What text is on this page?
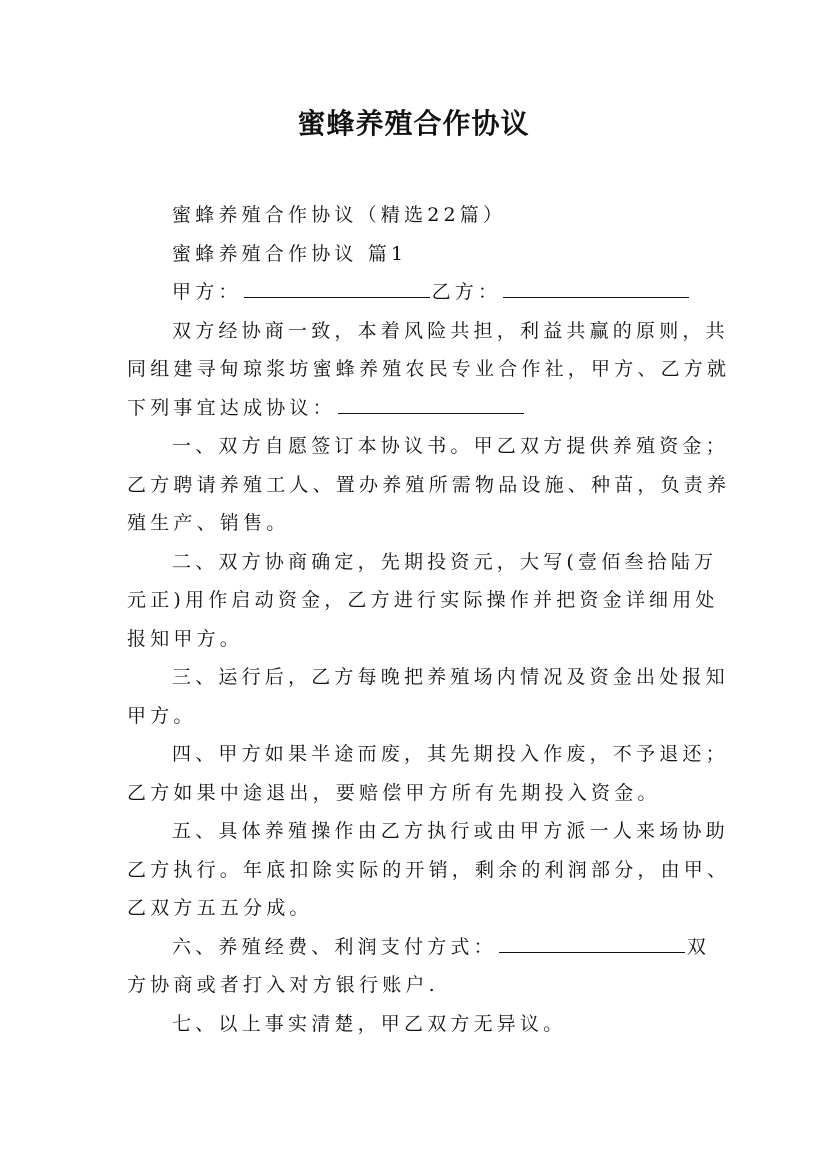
蜜蜂养殖合作协议
蜜蜂养殖合作协议（精选22篇）
蜜蜂养殖合作协议 篇1
甲方：	乙方：
双方经协商一致，本着风险共担，利益共赢的原则，共
同组建寻甸琼浆坊蜜蜂养殖农民专业合作社，甲方、乙方就
下列事宜达成协议：
一、双方自愿签订本协议书。甲乙双方提供养殖资金；
乙方聘请养殖工人、置办养殖所需物品设施、种苗，负责养
殖生产、销售。
二、双方协商确定，先期投资元，大写(壹佰叁拾陆万
元正)用作启动资金，乙方进行实际操作并把资金详细用处
报知甲方。
三、运行后，乙方每晚把养殖场内情况及资金出处报知
甲方。
四、甲方如果半途而废，其先期投入作废，不予退还；
乙方如果中途退出，要赔偿甲方所有先期投入资金。
五、具体养殖操作由乙方执行或由甲方派一人来场协助
乙方执行。年底扣除实际的开销，剩余的利润部分，由甲、
乙双方五五分成。
六、养殖经费、利润支付方式：	双
方协商或者打入对方银行账户.
七、以上事实清楚，甲乙双方无异议。
